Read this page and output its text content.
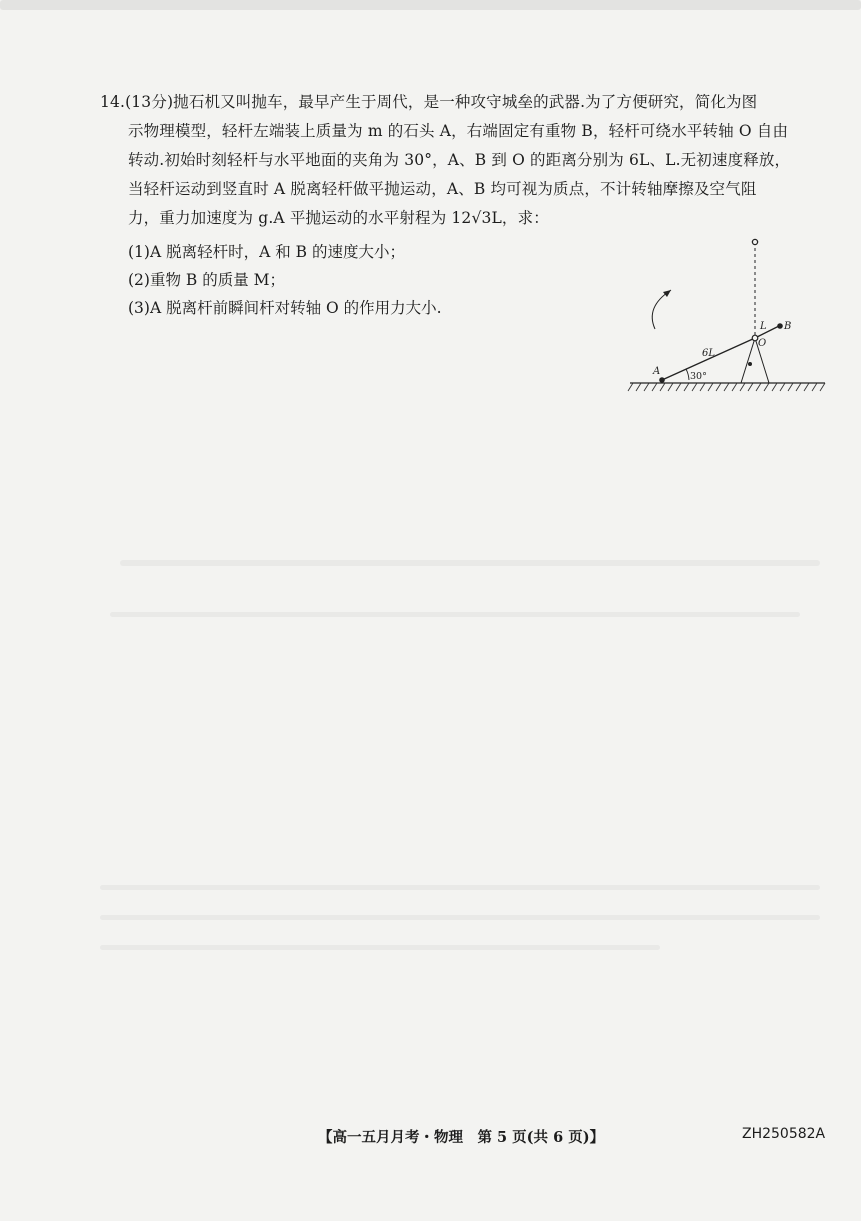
14.(13分)抛石机又叫抛车，最早产生于周代，是一种攻守城垒的武器.为了方便研究，简化为图
示物理模型，轻杆左端装上质量为 m 的石头 A，右端固定有重物 B，轻杆可绕水平转轴 O 自由
转动.初始时刻轻杆与水平地面的夹角为 30°，A、B 到 O 的距离分别为 6L、L.无初速度释放，
当轻杆运动到竖直时 A 脱离轻杆做平抛运动，A、B 均可视为质点，不计转轴摩擦及空气阻
力，重力加速度为 g.A 平抛运动的水平射程为 12√3L，求：
(1)A 脱离轻杆时，A 和 B 的速度大小；
(2)重物 B 的质量 M；
(3)A 脱离杆前瞬间杆对转轴 O 的作用力大小.
A
B
O
L
6L
30°
【高一五月月考・物理　第 5 页(共 6 页)】	ZH250582A
